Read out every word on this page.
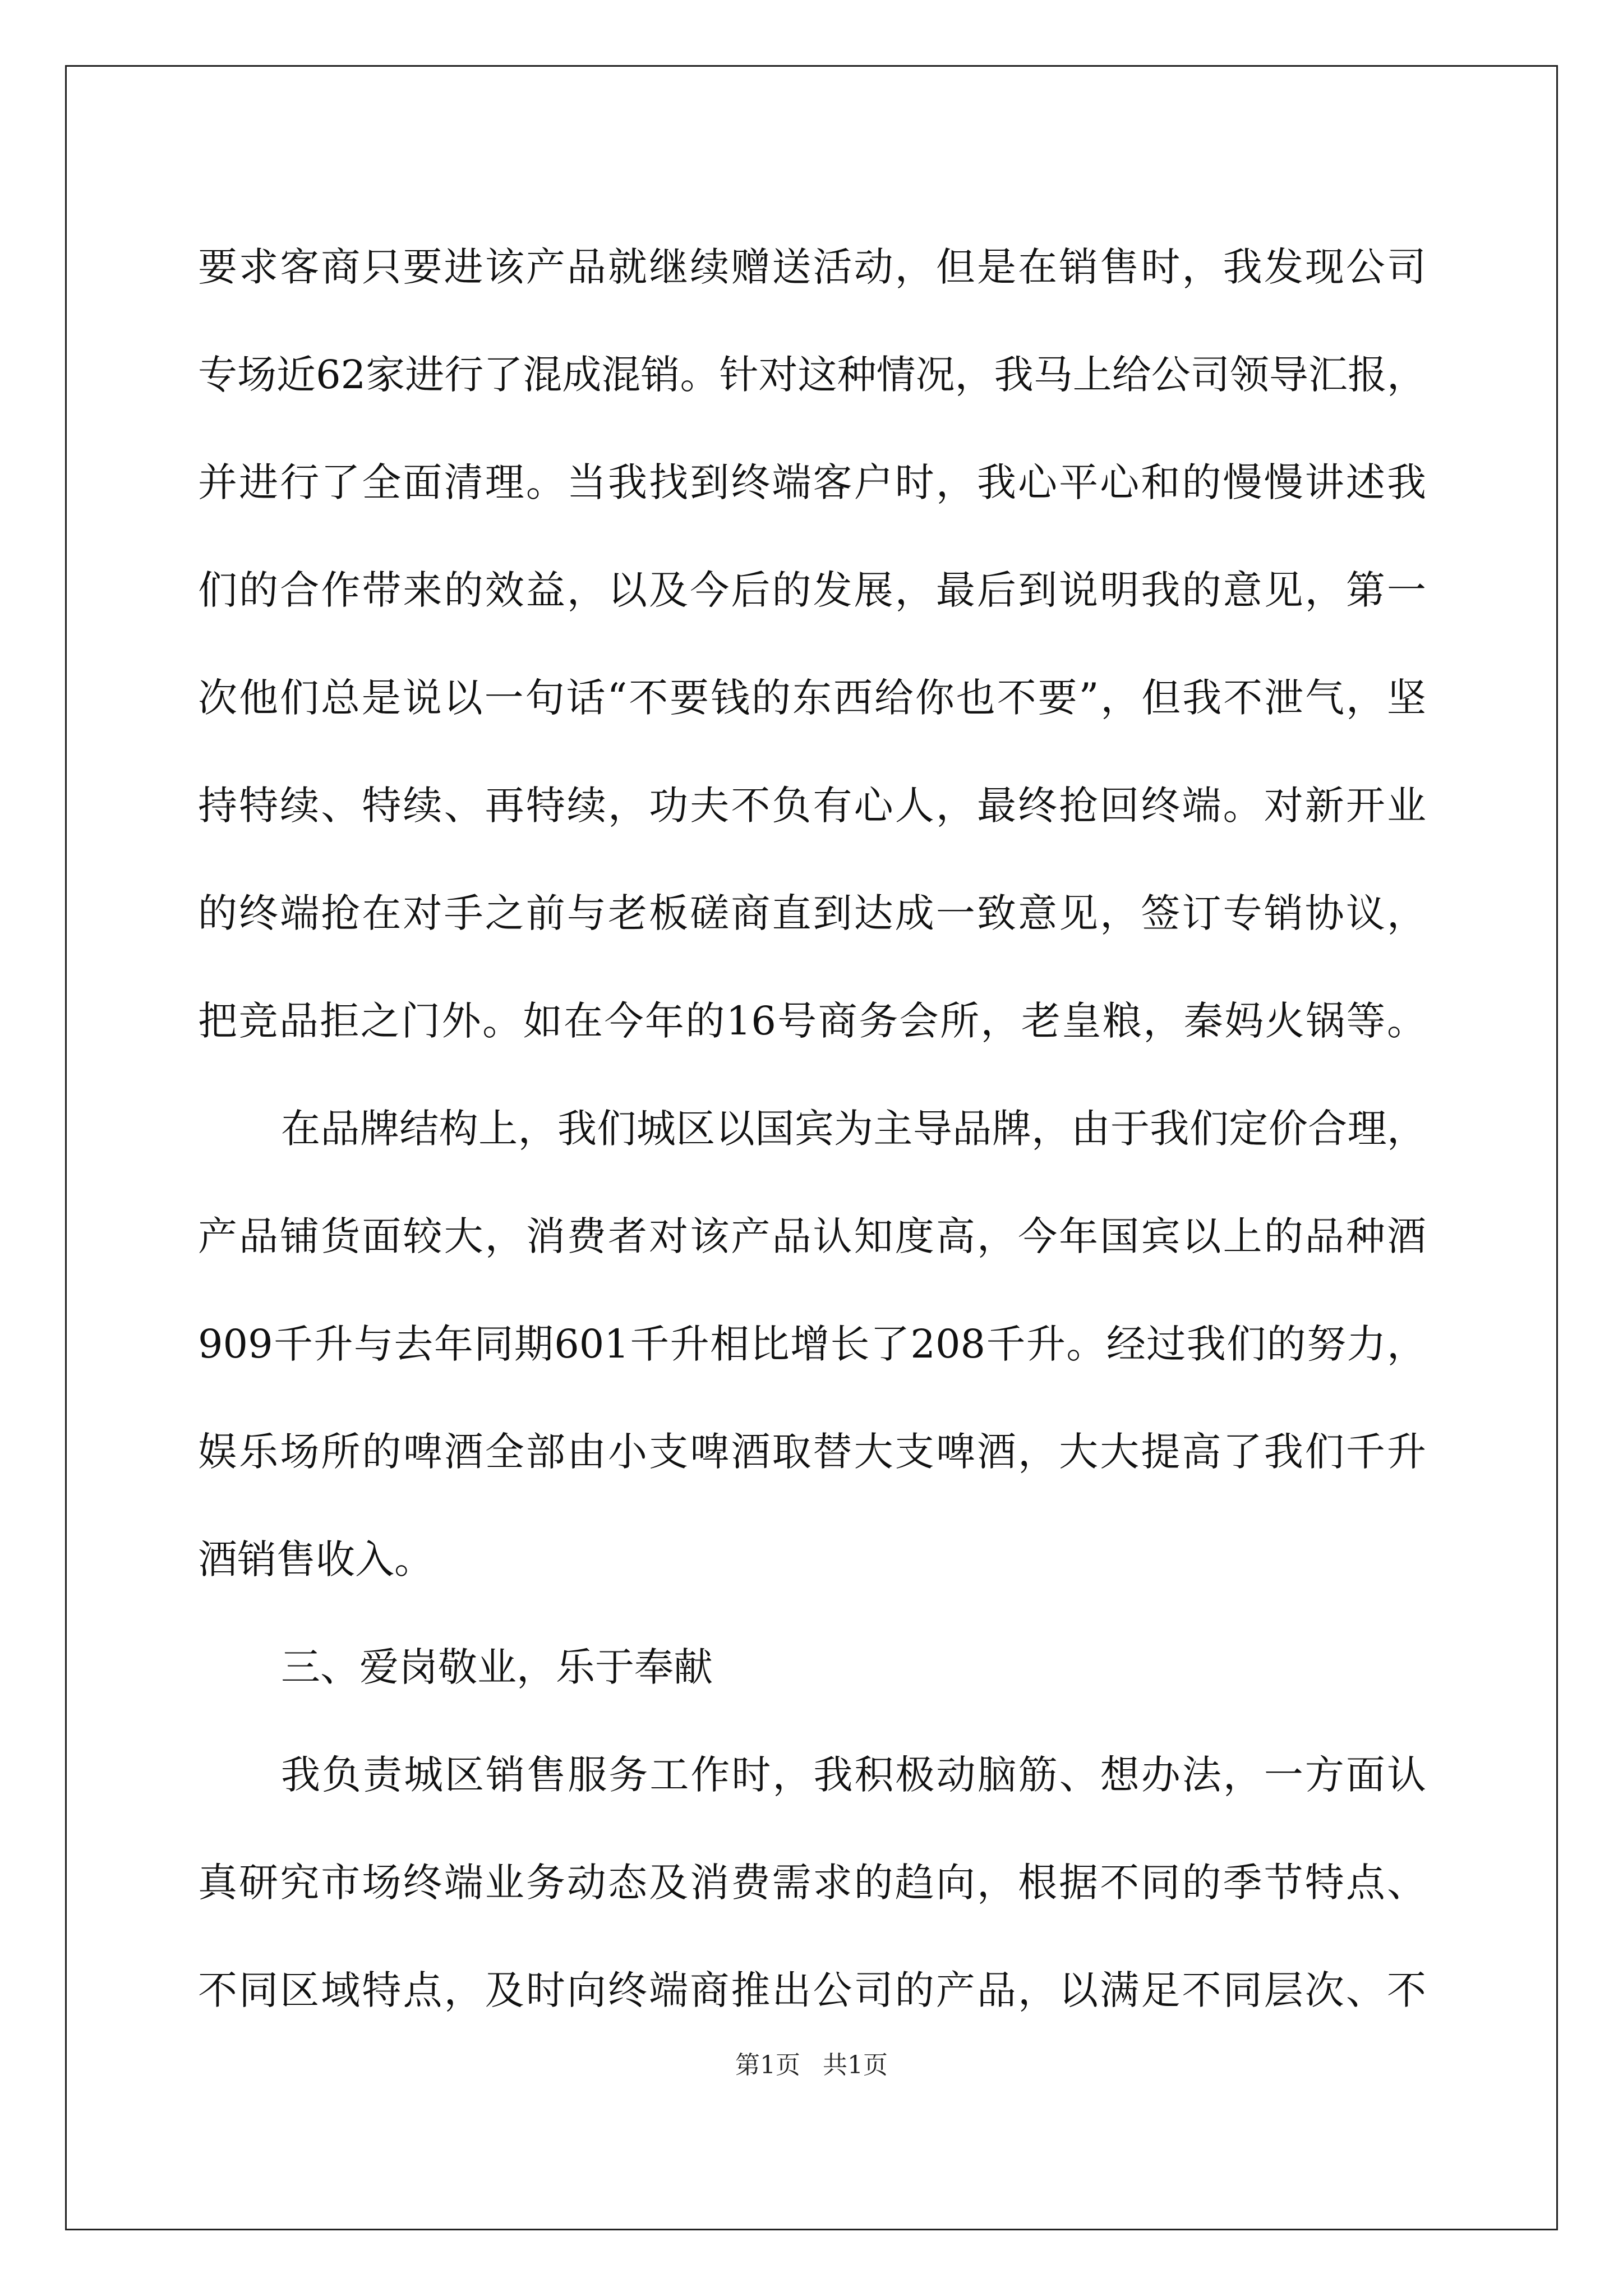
要求客商只要进该产品就继续赠送活动，但是在销售时，我发现公司
专场近62家进行了混成混销。针对这种情况，我马上给公司领导汇报，
并进行了全面清理。当我找到终端客户时，我心平心和的慢慢讲述我
们的合作带来的效益，以及今后的发展，最后到说明我的意见，第一
次他们总是说以一句话“不要钱的东西给你也不要”，但我不泄气，坚
持特续、特续、再特续，功夫不负有心人，最终抢回终端。对新开业
的终端抢在对手之前与老板磋商直到达成一致意见，签订专销协议，
把竞品拒之门外。如在今年的16号商务会所，老皇粮，秦妈火锅等。
在品牌结构上，我们城区以国宾为主导品牌，由于我们定价合理，
产品铺货面较大，消费者对该产品认知度高，今年国宾以上的品种酒
909千升与去年同期601千升相比增长了208千升。经过我们的努力，
娱乐场所的啤酒全部由小支啤酒取替大支啤酒，大大提高了我们千升
酒销售收入。
三、爱岗敬业，乐于奉献
我负责城区销售服务工作时，我积极动脑筋、想办法，一方面认
真研究市场终端业务动态及消费需求的趋向，根据不同的季节特点、
不同区域特点，及时向终端商推出公司的产品，以满足不同层次、不
第1页 共1页
